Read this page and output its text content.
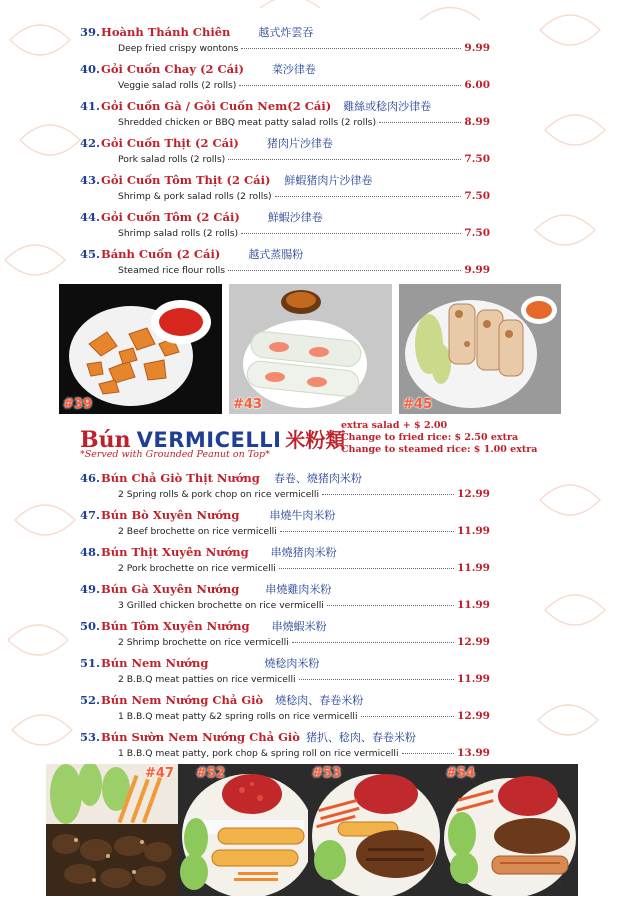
39. Hoành Thánh Chiên	越式炸雲吞
Deep fried crispy wontons	9.99
40. Gỏi Cuốn Chay (2 Cái)	菜沙律卷
Veggie salad rolls (2 rolls)	6.00
41. Gỏi Cuốn Gà / Gỏi Cuốn Nem(2 Cái) 雞絲或稔肉沙律卷
Shredded chicken or BBQ meat patty salad rolls (2 rolls)	8.99
42. Gỏi Cuốn Thịt (2 Cái)	猪肉片沙律卷
Pork salad rolls (2 rolls)	7.50
43. Gỏi Cuốn Tôm Thịt (2 Cái) 鮮蝦猪肉片沙律卷
Shrimp & pork salad rolls (2 rolls)	7.50
44. Gỏi Cuốn Tôm (2 Cái)	鮮蝦沙律卷
Shrimp salad rolls (2 rolls)	7.50
45. Bánh Cuốn (2 Cái)	越式蒸腸粉
Steamed rice flour rolls	9.99
#39	#43	#45
Bún VERMICELLI 米粉類
*Served with Grounded Peanut on Top*
extra salad + $ 2.00
Change to fried rice: $ 2.50 extra
Change to steamed rice: $ 1.00 extra
46. Bún Chả Giò Thịt Nướng 春卷、燒猪肉米粉
2 Spring rolls & pork chop on rice vermicelli	12.99
47. Bún Bò Xuyên Nướng	串燒牛肉米粉
2 Beef brochette on rice vermicelli	11.99
48. Bún Thịt Xuyên Nướng 串燒猪肉米粉
2 Pork brochette on rice vermicelli	11.99
49. Bún Gà Xuyên Nướng 串燒雞肉米粉
3 Grilled chicken brochette on rice vermicelli	11.99
50. Bún Tôm Xuyên Nướng 串燒蝦米粉
2 Shrimp brochette on rice vermicelli	12.99
51. Bún Nem Nướng	燒稔肉米粉
2 B.B.Q meat patties on rice vermicelli	11.99
52. Bún Nem Nướng Chả Giò 燒稔肉、春卷米粉
1 B.B.Q meat patty &2 spring rolls on rice vermicelli	12.99
53. Bún Sườn Nem Nướng Chả Giò 猪扒、稔肉、春卷米粉
1 B.B.Q meat patty, pork chop & spring roll on rice vermicelli	13.99
#47 #52	#53	#54
5
